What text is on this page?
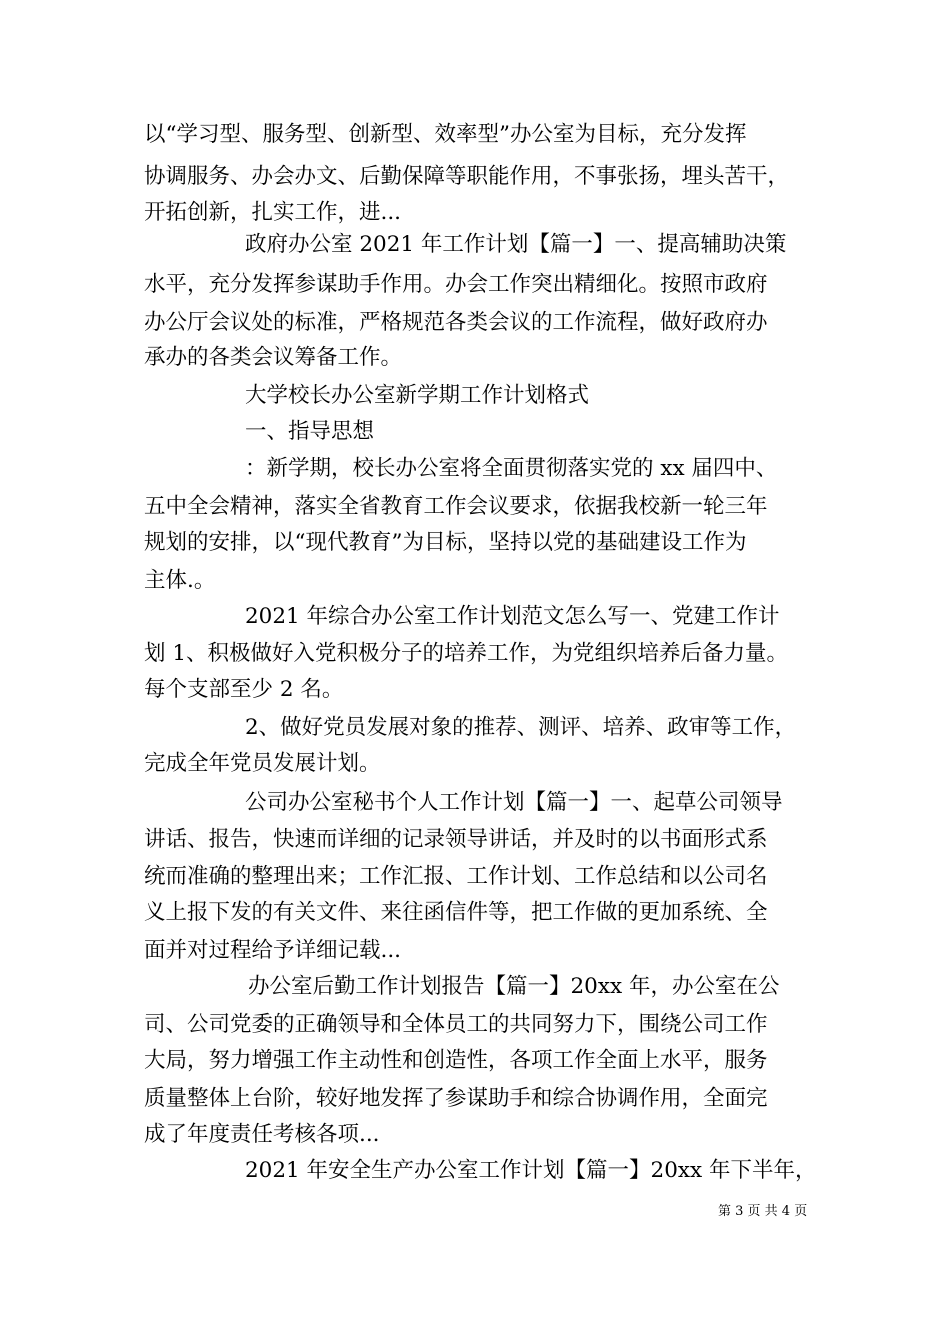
以“学习型、服务型、创新型、效率型”办公室为目标，充分发挥
协调服务、办会办文、后勤保障等职能作用，不事张扬，埋头苦干，
开拓创新，扎实工作，进...
政府办公室 2021 年工作计划【篇一】一、提高辅助决策
水平，充分发挥参谋助手作用。办会工作突出精细化。按照市政府
办公厅会议处的标准，严格规范各类会议的工作流程，做好政府办
承办的各类会议筹备工作。
大学校长办公室新学期工作计划格式
一、指导思想
：新学期，校长办公室将全面贯彻落实党的 xx 届四中、
五中全会精神，落实全省教育工作会议要求，依据我校新一轮三年
规划的安排，以“现代教育”为目标，坚持以党的基础建设工作为
主体.。
2021 年综合办公室工作计划范文怎么写一、党建工作计
划 1、积极做好入党积极分子的培养工作，为党组织培养后备力量。
每个支部至少 2 名。
2、做好党员发展对象的推荐、测评、培养、政审等工作，
完成全年党员发展计划。
公司办公室秘书个人工作计划【篇一】一、起草公司领导
讲话、报告，快速而详细的记录领导讲话，并及时的以书面形式系
统而准确的整理出来；工作汇报、工作计划、工作总结和以公司名
义上报下发的有关文件、来往函信件等，把工作做的更加系统、全
面并对过程给予详细记载...
办公室后勤工作计划报告【篇一】20xx 年，办公室在公
司、公司党委的正确领导和全体员工的共同努力下，围绕公司工作
大局，努力增强工作主动性和创造性，各项工作全面上水平，服务
质量整体上台阶，较好地发挥了参谋助手和综合协调作用，全面完
成了年度责任考核各项...
2021 年安全生产办公室工作计划【篇一】20xx 年下半年，
第 3 页 共 4 页
